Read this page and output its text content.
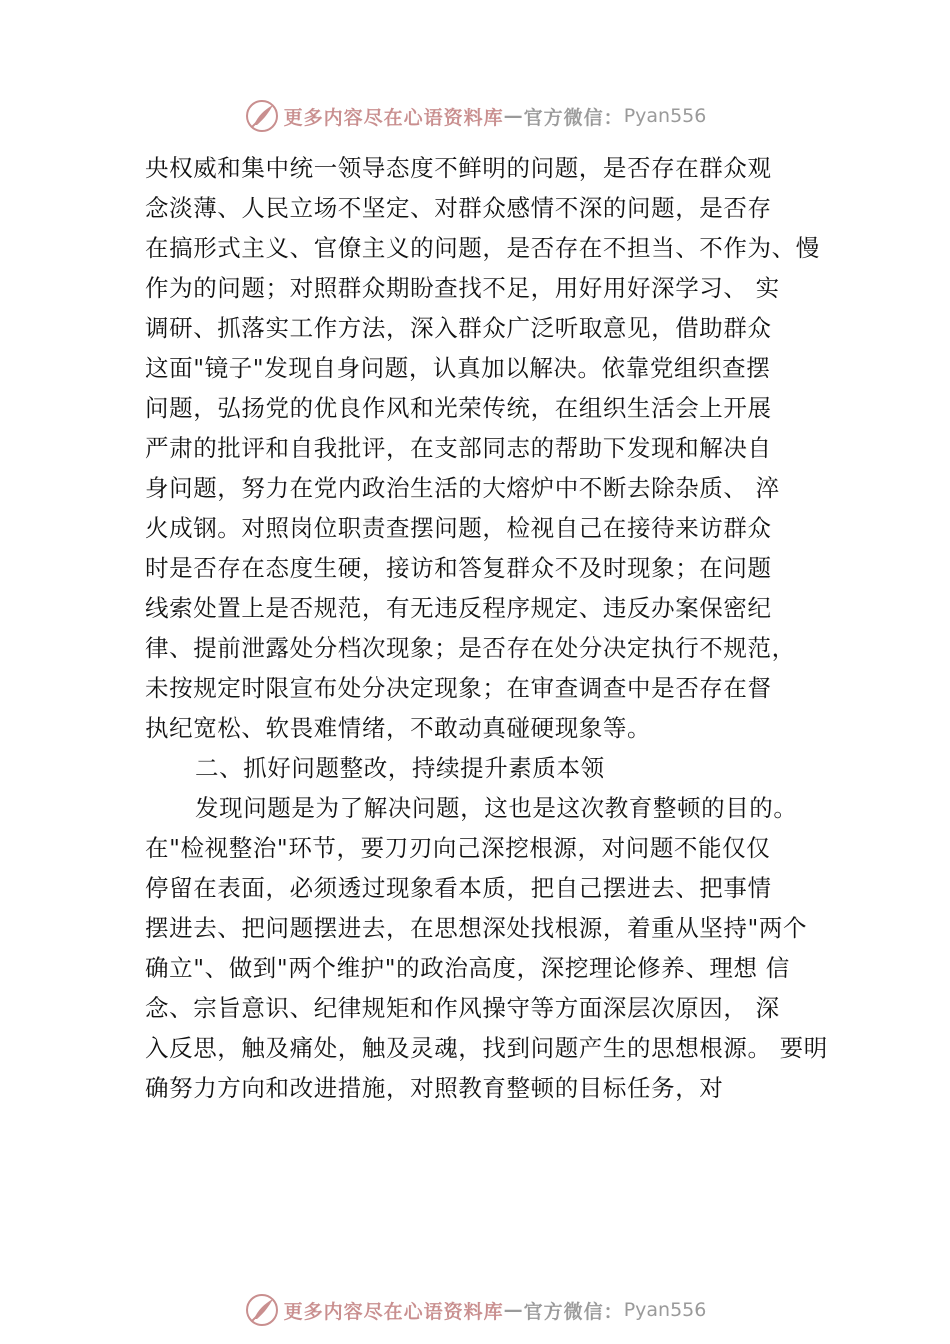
更多内容尽在心语资料库 — 官方微信： Pyan556
央权威和集中统一领导态度不鲜明的问题，是否存在群众观
念淡薄、人民立场不坚定、对群众感情不深的问题，是否存
在搞形式主义、官僚主义的问题，是否存在不担当、不作为、慢
作为的问题；对照群众期盼查找不足，用好用好深学习、 实
调研、抓落实工作方法，深入群众广泛听取意见，借助群众
这面"镜子"发现自身问题，认真加以解决。依靠党组织查摆
问题，弘扬党的优良作风和光荣传统，在组织生活会上开展
严肃的批评和自我批评，在支部同志的帮助下发现和解决自
身问题，努力在党内政治生活的大熔炉中不断去除杂质、 淬
火成钢。对照岗位职责查摆问题，检视自己在接待来访群众
时是否存在态度生硬，接访和答复群众不及时现象；在问题
线索处置上是否规范，有无违反程序规定、违反办案保密纪
律、提前泄露处分档次现象；是否存在处分决定执行不规范，
未按规定时限宣布处分决定现象；在审查调查中是否存在督
执纪宽松、软畏难情绪，不敢动真碰硬现象等。
二、抓好问题整改，持续提升素质本领
发现问题是为了解决问题，这也是这次教育整顿的目的。
在"检视整治"环节，要刀刃向己深挖根源，对问题不能仅仅
停留在表面，必须透过现象看本质，把自己摆进去、把事情
摆进去、把问题摆进去，在思想深处找根源，着重从坚持"两个
确立"、做到"两个维护"的政治高度，深挖理论修养、理想 信
念、宗旨意识、纪律规矩和作风操守等方面深层次原因， 深
入反思，触及痛处，触及灵魂，找到问题产生的思想根源。 要明
确努力方向和改进措施，对照教育整顿的目标任务，对
更多内容尽在心语资料库 — 官方微信： Pyan556
